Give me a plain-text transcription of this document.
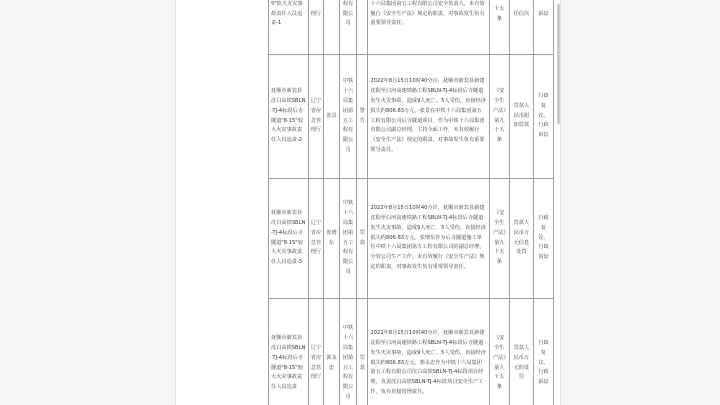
5"软大火灾事故责任人员追责-1	理厅		程有限公司		十六局集团第五工程有限公司安全负责人，未有效履行《安全生产法》规定的职责，对事故发生负有重要领导责任。	十五条	任信次	诉讼
抚顺市新宾县沈白高铁SBLN-TJ-4标段后寺隧道"8·15"较大火灾事故责任人员追责-2	辽宁省应急管理厅	张景	中铁十六局集团第五工程有限公司	警告	2022年8月15日10时40分许，抚顺市新宾县新建沈阳至白河高速铁路工程SBLN-TJ-4标段后寺隧道发生火灾事故，造成9人死亡、5人受伤，直接经济损失约806.83万元。张景在中铁十六局集团第五工程有限公司后寺隧道项目，作为中铁十六局集团有限公司副总经理，主持全面工作，未有效履行《安全生产法》规定的职责，对事故发生负有重要领导责任。	《安全生产法》第九十五条	罚款人民币附加罚款	行政复议、行政诉讼
抚顺市新宾县沈白高铁SBLN-TJ-4标段后寺隧道"8·15"较大火灾事故责任人员追责-3	辽宁省应急管理厅	张增东	中铁十六局集团第五工程有限公司	罚款	2022年8月15日10时40分许，抚顺市新宾县新建沈阳至白河高速铁路工程SBLN-TJ-4标段后寺隧道发生火灾事故，造成9人死亡、5人受伤，直接经济损失约806.83万元。张增东作为后寺隧道施工单位中铁十六局集团第五工程有限公司的副总经理，分管公司生产工作，未有效履行《安全生产法》规定的职责，对事故发生负有重要领导责任。	《安全生产法》第九十五条	罚款人民币万元信息处罚	行政复议、行政诉讼
抚顺市新宾县沈白高铁SBLN-TJ-4标段后寺隧道"8·15"较大火灾事故责任人员追责	辽宁省应急管理厅	郭永忠	中铁十六局集团第五工程有限公司	罚款	2022年8月15日10时40分许，抚顺市新宾县新建沈阳至白河高速铁路工程SBLN-TJ-4标段后寺隧道发生火灾事故，造成9人死亡、5人受伤，直接经济损失约806.83万元。郭永忠作为中铁十六局集团第五工程有限公司沈白高铁SBLN-TJ-4标段项目经理，负责沈白高铁SBLN-TJ-4标段项目安全生产工作，负有直接管理责任。	《安全生产法》第九十五条	罚款人民币万元的处罚	行政复议、行政诉讼
